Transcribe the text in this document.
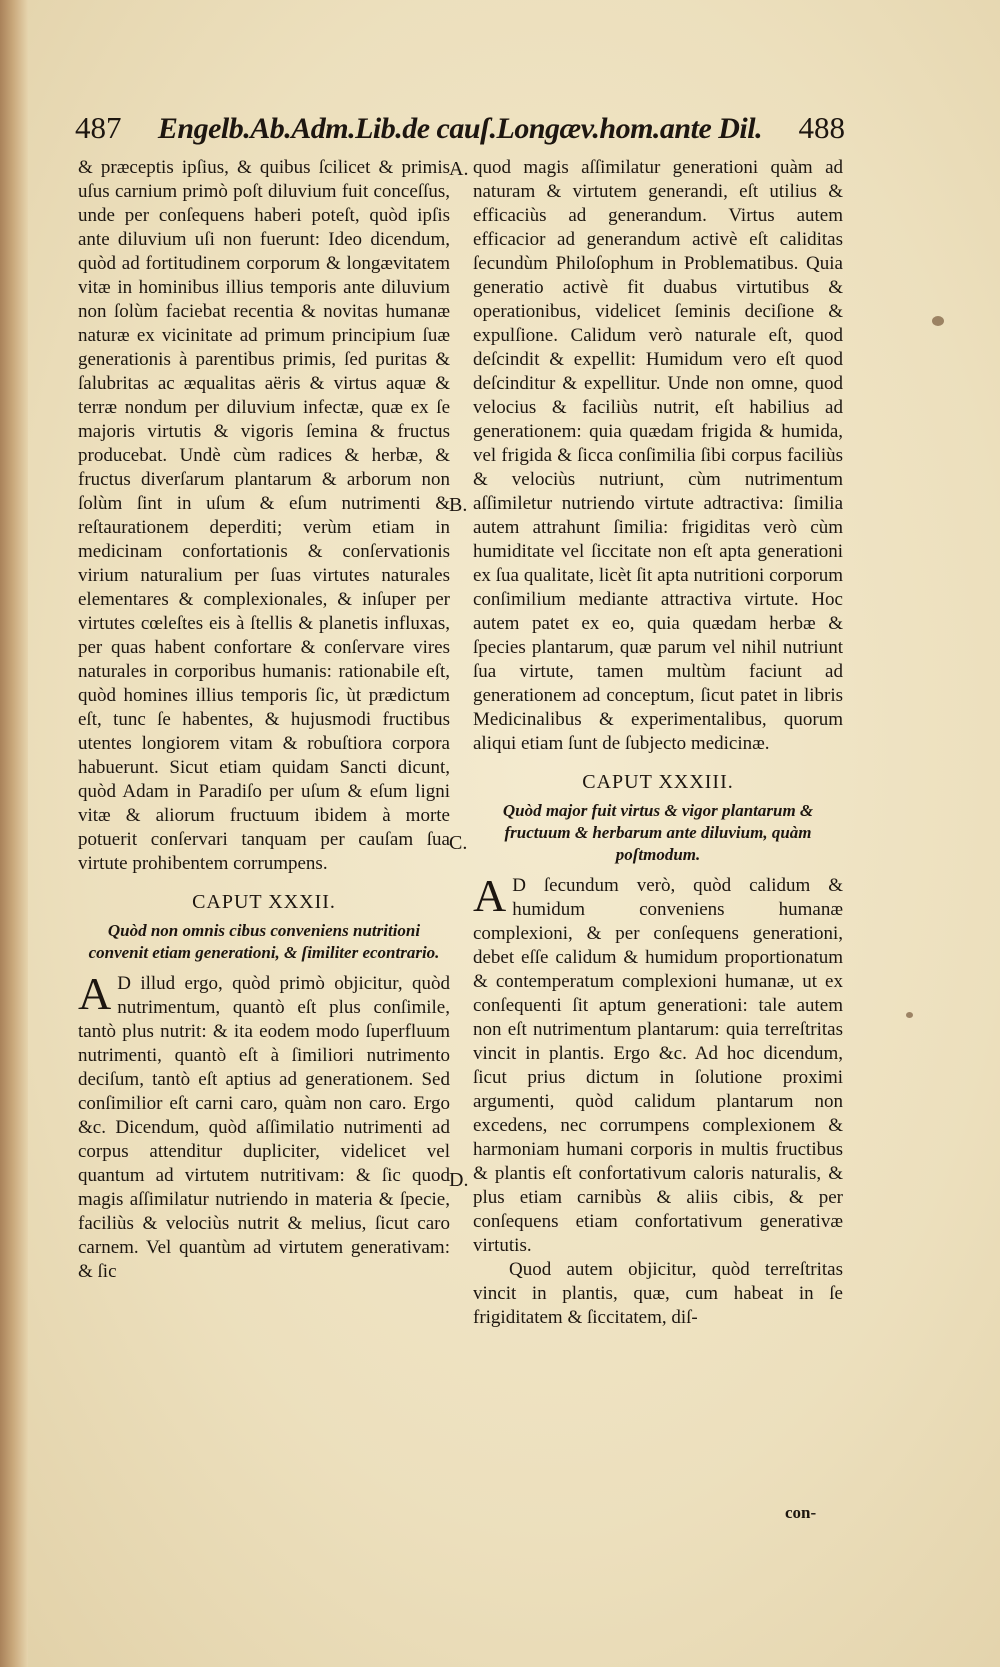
487 Engelb.Ab.Adm.Lib.de cauſ.Longæv.hom.ante Dil. 488

& præceptis ipſius, & quibus ſcilicet & primis uſus carnium primò poſt diluvium fuit conceſſus, unde per conſequens haberi poteſt, quòd ipſis ante diluvium uſi non fuerunt: Ideo dicendum, quòd ad fortitudinem corporum & longævitatem vitæ in hominibus illius temporis ante diluvium non ſolùm faciebat recentia & novitas humanæ naturæ ex vicinitate ad primum principium ſuæ generationis à parentibus primis, ſed puritas & ſalubritas ac æqualitas aëris & virtus aquæ & terræ nondum per diluvium infectæ, quæ ex ſe majoris virtutis & vigoris ſemina & fructus producebat. Undè cùm radices & herbæ, & fructus diverſarum plantarum & arborum non ſolùm ſint in uſum & eſum nutrimenti & reſtaurationem deperditi; verùm etiam in medicinam confortationis & conſervationis virium naturalium per ſuas virtutes naturales elementares & complexionales, & inſuper per virtutes cœleſtes eis à ſtellis & planetis influxas, per quas habent confortare & conſervare vires naturales in corporibus humanis: rationabile eſt, quòd homines illius temporis ſic, ùt prædictum eſt, tunc ſe habentes, & hujusmodi fructibus utentes longiorem vitam & robuſtiora corpora habuerunt. Sicut etiam quidam Sancti dicunt, quòd Adam in Paradiſo per uſum & eſum ligni vitæ & aliorum fructuum ibidem à morte potuerit conſervari tanquam per cauſam ſua virtute prohibentem corrumpens.

CAPUT XXXII.
Quòd non omnis cibus conveniens nutritioni convenit etiam generationi, & ſimiliter econtrario.

AD illud ergo, quòd primò objicitur, quòd nutrimentum, quantò eſt plus conſimile, tantò plus nutrit: & ita eodem modo ſuperfluum nutrimenti, quantò eſt à ſimiliori nutrimento deciſum, tantò eſt aptius ad generationem. Sed conſimilior eſt carni caro, quàm non caro. Ergo &c. Dicendum, quòd aſſimilatio nutrimenti ad corpus attenditur dupliciter, videlicet vel quantum ad virtutem nutritivam: & ſic quod magis aſſimilatur nutriendo in materia & ſpecie, faciliùs & velociùs nutrit & melius, ſicut caro carnem. Vel quantùm ad virtutem generativam: & ſic

quod magis aſſimilatur generationi quàm ad naturam & virtutem generandi, eſt utilius & efficaciùs ad generandum. Virtus autem efficacior ad generandum activè eſt caliditas ſecundùm Philoſophum in Problematibus. Quia generatio activè fit duabus virtutibus & operationibus, videlicet ſeminis deciſione & expulſione. Calidum verò naturale eſt, quod deſcindit & expellit: Humidum vero eſt quod deſcinditur & expellitur. Unde non omne, quod velocius & faciliùs nutrit, eſt habilius ad generationem: quia quædam frigida & humida, vel frigida & ſicca conſimilia ſibi corpus faciliùs & velociùs nutriunt, cùm nutrimentum aſſimiletur nutriendo virtute adtractiva: ſimilia autem attrahunt ſimilia: frigiditas verò cùm humiditate vel ſiccitate non eſt apta generationi ex ſua qualitate, licèt ſit apta nutritioni corporum conſimilium mediante attractiva virtute. Hoc autem patet ex eo, quia quædam herbæ & ſpecies plantarum, quæ parum vel nihil nutriunt ſua virtute, tamen multùm faciunt ad generationem ad conceptum, ſicut patet in libris Medicinalibus & experimentalibus, quorum aliqui etiam ſunt de ſubjecto medicinæ.

CAPUT XXXIII.
Quòd major fuit virtus & vigor plantarum & fructuum & herbarum ante diluvium, quàm poſtmodum.

AD ſecundum verò, quòd calidum & humidum conveniens humanæ complexioni, & per conſequens generationi, debet eſſe calidum & humidum proportionatum & contemperatum complexioni humanæ, ut ex conſequenti ſit aptum generationi: tale autem non eſt nutrimentum plantarum: quia terreſtritas vincit in plantis. Ergo &c. Ad hoc dicendum, ſicut prius dictum in ſolutione proximi argumenti, quòd calidum plantarum non excedens, nec corrumpens complexionem & harmoniam humani corporis in multis fructibus & plantis eſt confortativum caloris naturalis, & plus etiam carnibùs & aliis cibis, & per conſequens etiam confortativum generativæ virtutis.

Quod autem objicitur, quòd terreſtritas vincit in plantis, quæ, cum habeat in ſe frigiditatem & ſiccitatem, diſ-

A.
B.
C.
D.
con-
